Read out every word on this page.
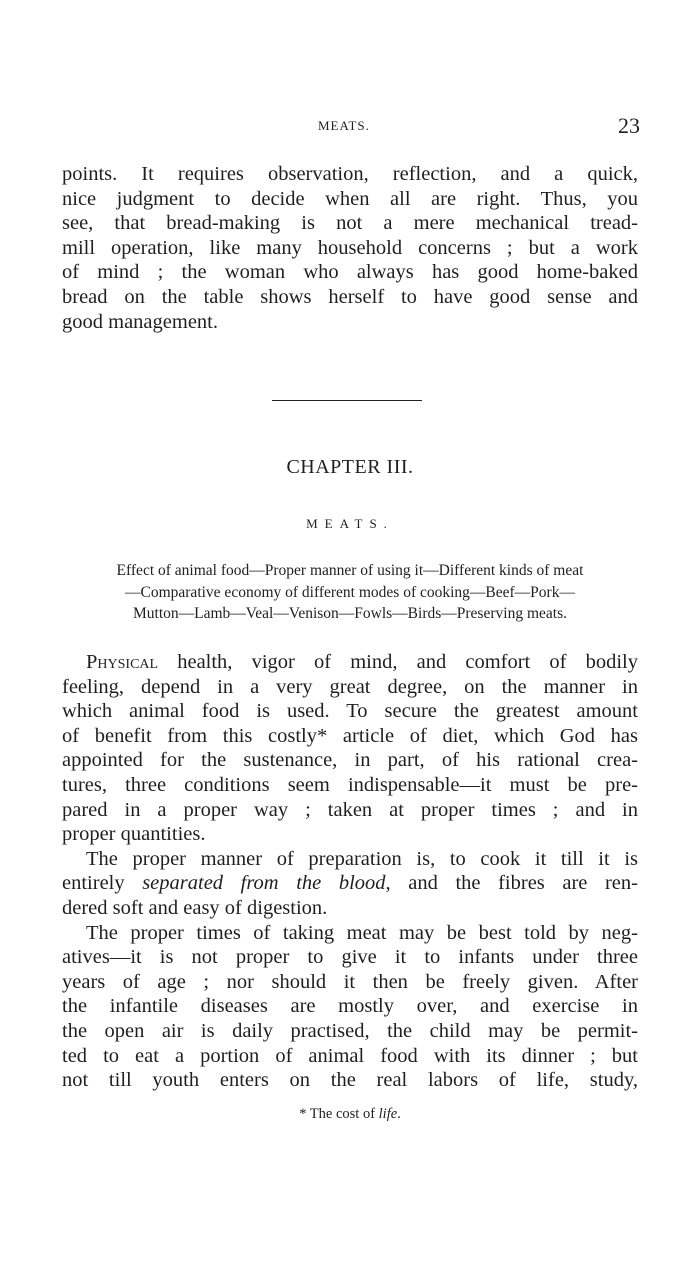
MEATS.	23
points. It requires observation, reflection, and a quick,
nice judgment to decide when all are right. Thus, you
see, that bread-making is not a mere mechanical tread-
mill operation, like many household concerns ; but a work
of mind ; the woman who always has good home-baked
bread on the table shows herself to have good sense and
good management.
CHAPTER III.
MEATS.
Effect of animal food—Proper manner of using it—Different kinds of meat
—Comparative economy of different modes of cooking—Beef—Pork—
Mutton—Lamb—Veal—Venison—Fowls—Birds—Preserving meats.
Physical health, vigor of mind, and comfort of bodily
feeling, depend in a very great degree, on the manner in
which animal food is used. To secure the greatest amount
of benefit from this costly* article of diet, which God has
appointed for the sustenance, in part, of his rational crea-
tures, three conditions seem indispensable—it must be pre-
pared in a proper way ; taken at proper times ; and in
proper quantities.
The proper manner of preparation is, to cook it till it is
entirely separated from the blood, and the fibres are ren-
dered soft and easy of digestion.
The proper times of taking meat may be best told by neg-
atives—it is not proper to give it to infants under three
years of age ; nor should it then be freely given. After
the infantile diseases are mostly over, and exercise in
the open air is daily practised, the child may be permit-
ted to eat a portion of animal food with its dinner ; but
not till youth enters on the real labors of life, study,
* The cost of life.
